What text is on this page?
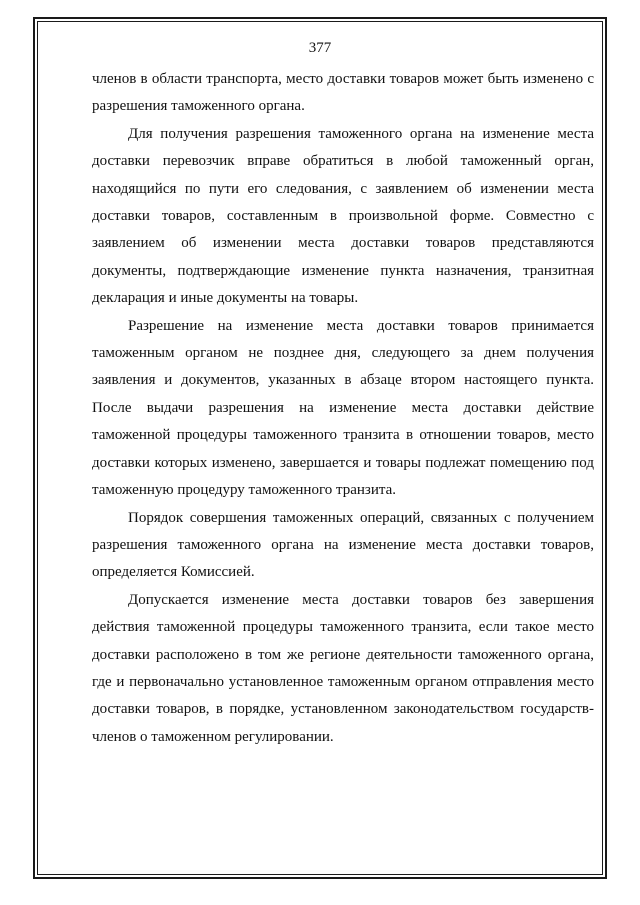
377

членов в области транспорта, место доставки товаров может быть изменено с разрешения таможенного органа.

Для получения разрешения таможенного органа на изменение места доставки перевозчик вправе обратиться в любой таможенный орган, находящийся по пути его следования, с заявлением об изменении места доставки товаров, составленным в произвольной форме. Совместно с заявлением об изменении места доставки товаров представляются документы, подтверждающие изменение пункта назначения, транзитная декларация и иные документы на товары.

Разрешение на изменение места доставки товаров принимается таможенным органом не позднее дня, следующего за днем получения заявления и документов, указанных в абзаце втором настоящего пункта. После выдачи разрешения на изменение места доставки действие таможенной процедуры таможенного транзита в отношении товаров, место доставки которых изменено, завершается и товары подлежат помещению под таможенную процедуру таможенного транзита.

Порядок совершения таможенных операций, связанных с получением разрешения таможенного органа на изменение места доставки товаров, определяется Комиссией.

Допускается изменение места доставки товаров без завершения действия таможенной процедуры таможенного транзита, если такое место доставки расположено в том же регионе деятельности таможенного органа, где и первоначально установленное таможенным органом отправления место доставки товаров, в порядке, установленном законодательством государств-членов о таможенном регулировании.
